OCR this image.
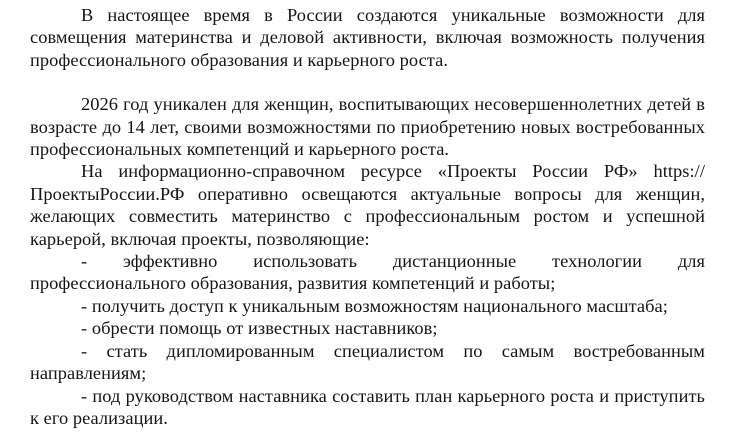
В настоящее время в России создаются уникальные возможности для совмещения материнства и деловой активности, включая возможность получения профессионального образования и карьерного роста.

2026 год уникален для женщин, воспитывающих несовершеннолетних детей в возрасте до 14 лет, своими возможностями по приобретению новых востребованных профессиональных компетенций и карьерного роста.

На информационно-справочном ресурсе «Проекты России РФ» https://ПроектыРоссии.РФ оперативно освещаются актуальные вопросы для женщин, желающих совместить материнство с профессиональным ростом и успешной карьерой, включая проекты, позволяющие:

- эффективно использовать дистанционные технологии для профессионального образования, развития компетенций и работы;

- получить доступ к уникальным возможностям национального масштаба;

- обрести помощь от известных наставников;

- стать дипломированным специалистом по самым востребованным направлениям;

- под руководством наставника составить план карьерного роста и приступить к его реализации.
